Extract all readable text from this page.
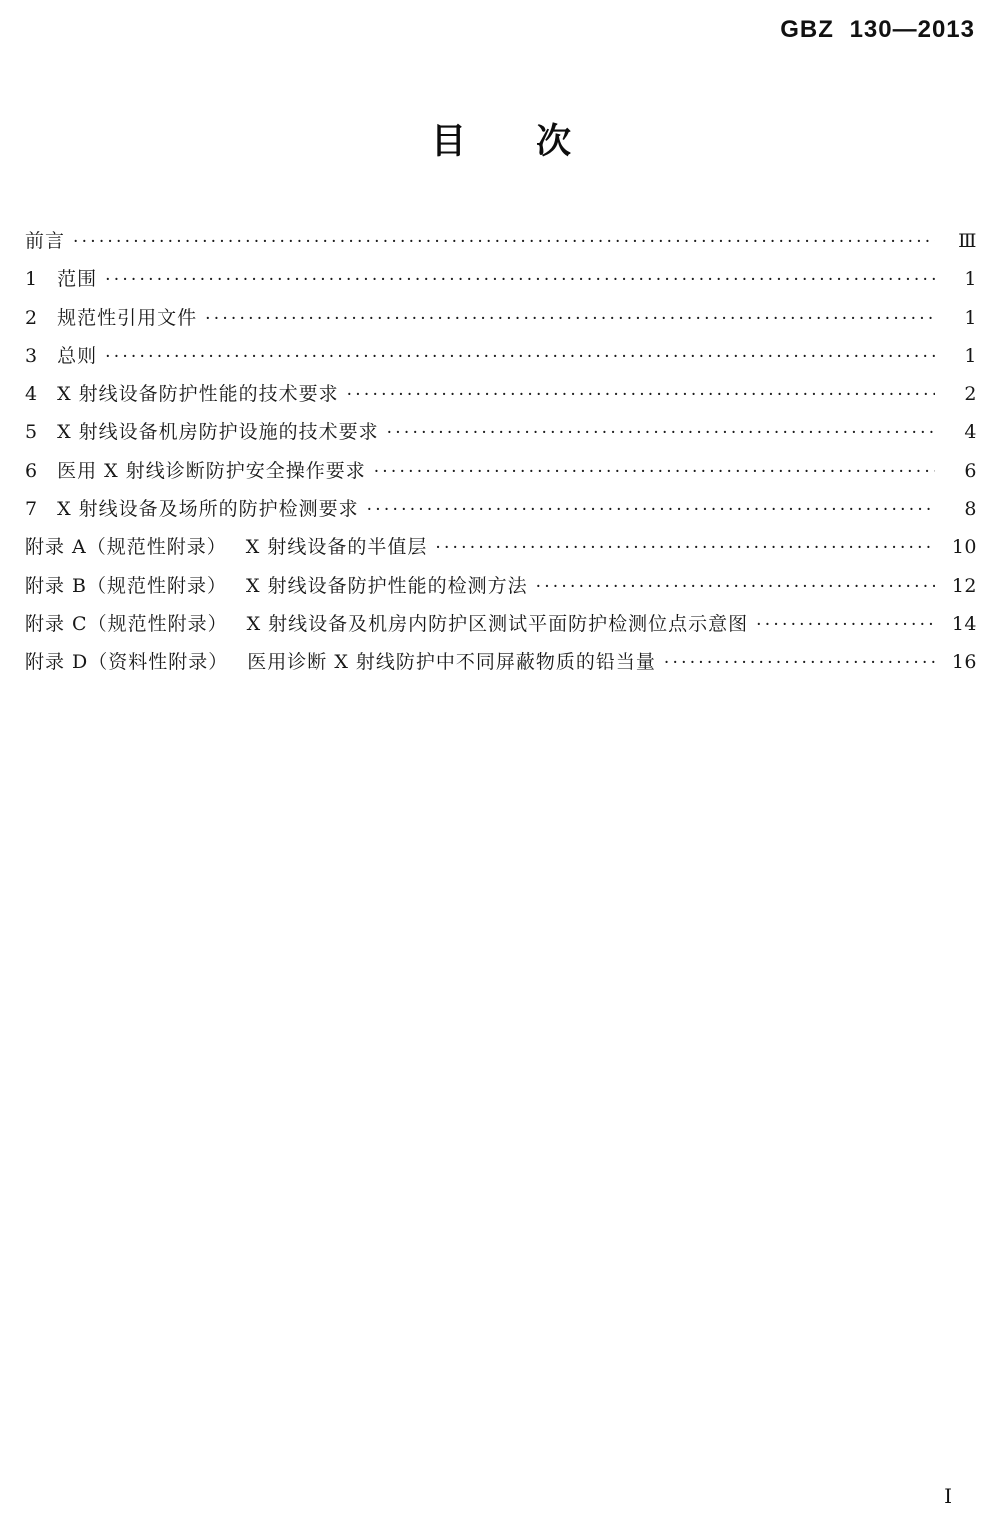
GBZ 130—2013
目　　次
前言 ·····	Ⅲ
1 范围 ·····	1
2 规范性引用文件 ·····	1
3 总则 ·····	1
4 X 射线设备防护性能的技术要求 ·····	2
5 X 射线设备机房防护设施的技术要求 ·····	4
6 医用 X 射线诊断防护安全操作要求 ·····	6
7 X 射线设备及场所的防护检测要求 ·····	8
附录 A（规范性附录） X 射线设备的半值层 ·····	10
附录 B（规范性附录） X 射线设备防护性能的检测方法 ·····	12
附录 C（规范性附录） X 射线设备及机房内防护区测试平面防护检测位点示意图 ·····	14
附录 D（资料性附录） 医用诊断 X 射线防护中不同屏蔽物质的铅当量 ·····	16
Ⅰ
